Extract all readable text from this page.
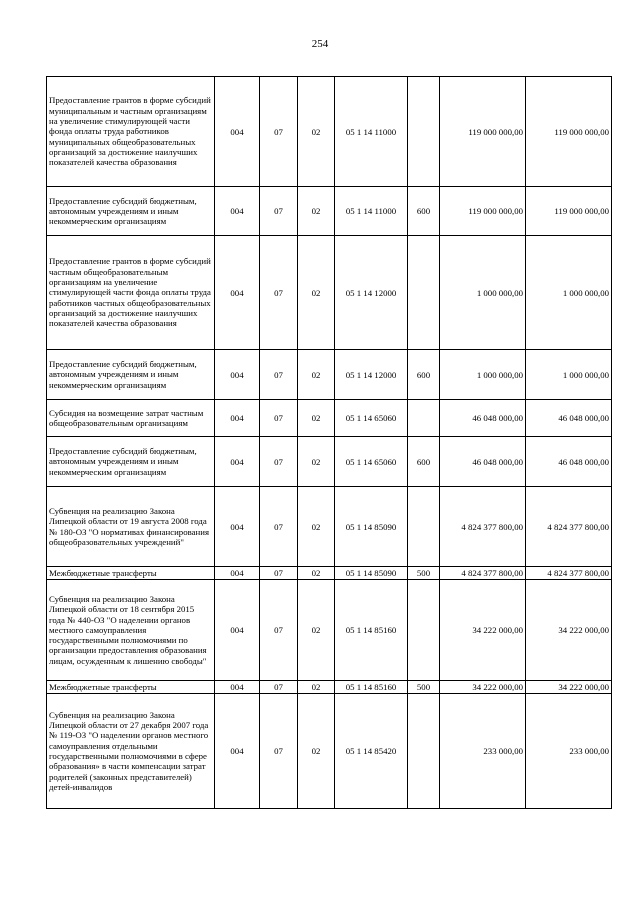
254
Предоставление грантов в форме субсидий муниципальным и частным организациям на увеличение стимулирующей части фонда оплаты труда работников муниципальных общеобразовательных организаций за достижение наилучших показателей качества образования	004	07	02	05 1 14 11000		119 000 000,00	119 000 000,00
Предоставление субсидий бюджетным, автономным учреждениям и иным некоммерческим организациям	004	07	02	05 1 14 11000	600	119 000 000,00	119 000 000,00
Предоставление грантов в форме субсидий частным общеобразовательным организациям на увеличение стимулирующей части фонда оплаты труда работников частных общеобразовательных организаций за достижение наилучших показателей качества образования	004	07	02	05 1 14 12000		1 000 000,00	1 000 000,00
Предоставление субсидий бюджетным, автономным учреждениям и иным некоммерческим организациям	004	07	02	05 1 14 12000	600	1 000 000,00	1 000 000,00
Субсидия на возмещение затрат частным общеобразовательным организациям	004	07	02	05 1 14 65060		46 048 000,00	46 048 000,00
Предоставление субсидий бюджетным, автономным учреждениям и иным некоммерческим организациям	004	07	02	05 1 14 65060	600	46 048 000,00	46 048 000,00
Субвенция на реализацию Закона Липецкой области от 19 августа 2008 года № 180-ОЗ "О нормативах финансирования общеобразовательных учреждений"	004	07	02	05 1 14 85090		4 824 377 800,00	4 824 377 800,00
Межбюджетные трансферты	004	07	02	05 1 14 85090	500	4 824 377 800,00	4 824 377 800,00
Субвенция на реализацию Закона Липецкой области от 18 сентября 2015 года № 440-ОЗ "О наделении органов местного самоуправления государственными полномочиями по организации предоставления образования лицам, осужденным к лишению свободы"	004	07	02	05 1 14 85160		34 222 000,00	34 222 000,00
Межбюджетные трансферты	004	07	02	05 1 14 85160	500	34 222 000,00	34 222 000,00
Субвенция на реализацию Закона Липецкой области от 27 декабря 2007 года № 119-ОЗ "О наделении органов местного самоуправления отдельными государственными полномочиями в сфере образования» в части компенсации затрат родителей (законных представителей) детей-инвалидов	004	07	02	05 1 14 85420		233 000,00	233 000,00
